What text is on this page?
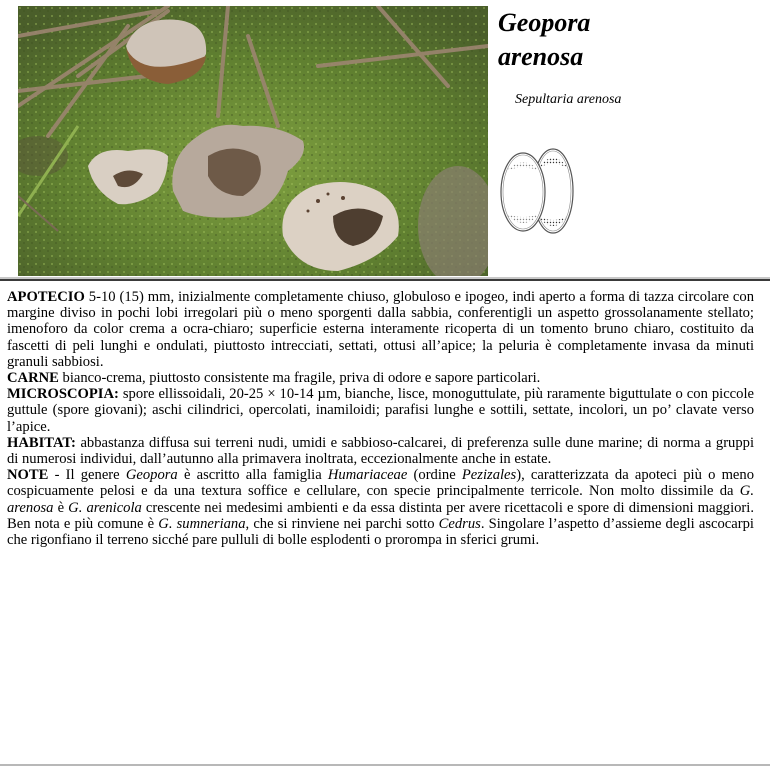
Geopora
arenosa
Sepultaria arenosa

APOTECIO 5-10 (15) mm, inizialmente completamente chiuso, globuloso e ipogeo, indi aperto a forma di tazza circolare con margine diviso in pochi lobi irregolari più o meno sporgenti dalla sabbia, conferentigli un aspetto grossolanamente stellato; imenoforo da color crema a ocra-chiaro; superficie esterna interamente ricoperta di un tomento bruno chiaro, costituito da fascetti di peli lunghi e ondulati, piuttosto intrecciati, settati, ottusi all’apice; la peluria è completamente invasa da minuti granuli sabbiosi.

CARNE bianco-crema, piuttosto consistente ma fragile, priva di odore e sapore particolari.

MICROSCOPIA: spore ellissoidali, 20-25 × 10-14 µm, bianche, lisce, monoguttulate, più raramente biguttulate o con piccole guttule (spore giovani); aschi cilindrici, opercolati, inamiloidi; parafisi lunghe e sottili, settate, incolori, un po’ clavate verso l’apice.

HABITAT: abbastanza diffusa sui terreni nudi, umidi e sabbioso-calcarei, di preferenza sulle dune marine; di norma a gruppi di numerosi individui, dall’autunno alla primavera inoltrata, eccezionalmente anche in estate.

NOTE - Il genere Geopora è ascritto alla famiglia Humariaceae (ordine Pezizales), caratterizzata da apoteci più o meno cospicuamente pelosi e da una textura soffice e cellulare, con specie principalmente terricole. Non molto dissimile da G. arenosa è G. arenicola crescente nei medesimi ambienti e da essa distinta per avere ricettacoli e spore di dimensioni maggiori. Ben nota e più comune è G. sumneriana, che si rinviene nei parchi sotto Cedrus. Singolare l’aspetto d’assieme degli ascocarpi che rigonfiano il terreno sicché pare pulluli di bolle esplodenti o prorompa in sferici grumi.
